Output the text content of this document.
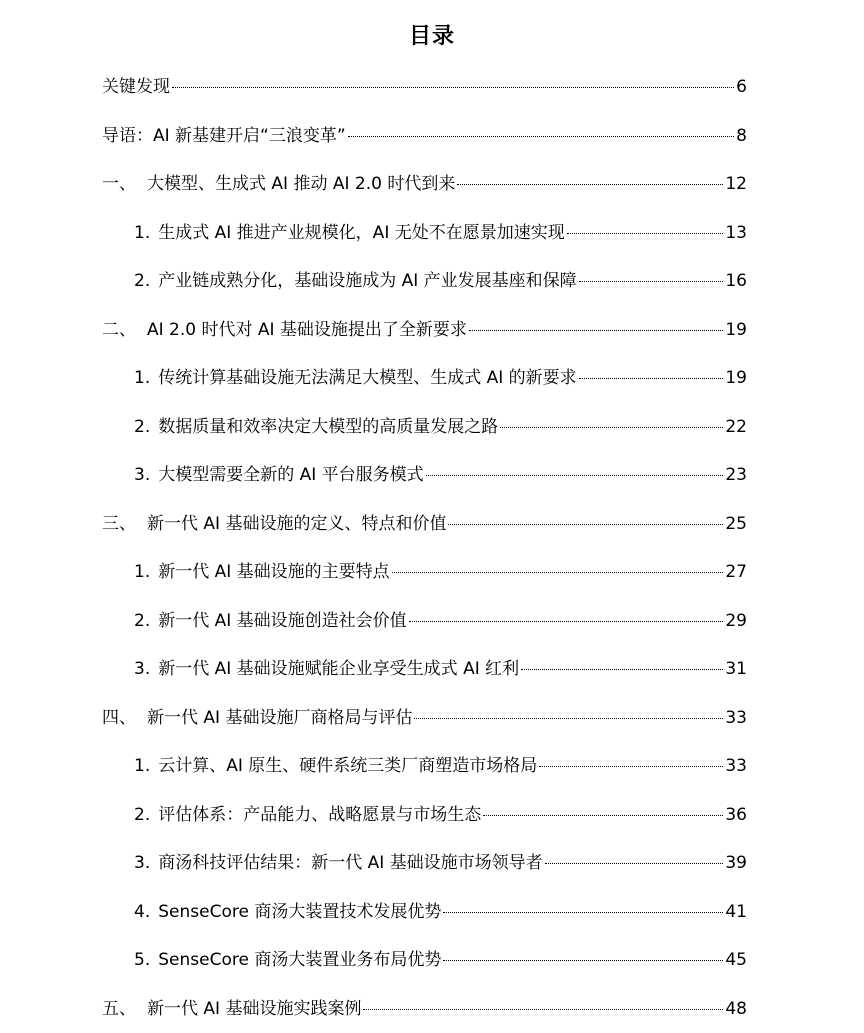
目录
关键发现	6
导语：AI 新基建开启“三浪变革”	8
一、 大模型、生成式 AI 推动 AI 2.0 时代到来	12
1. 生成式 AI 推进产业规模化，AI 无处不在愿景加速实现	13
2. 产业链成熟分化，基础设施成为 AI 产业发展基座和保障	16
二、 AI 2.0 时代对 AI 基础设施提出了全新要求	19
1. 传统计算基础设施无法满足大模型、生成式 AI 的新要求	19
2. 数据质量和效率决定大模型的高质量发展之路	22
3. 大模型需要全新的 AI 平台服务模式	23
三、 新一代 AI 基础设施的定义、特点和价值	25
1. 新一代 AI 基础设施的主要特点	27
2. 新一代 AI 基础设施创造社会价值	29
3. 新一代 AI 基础设施赋能企业享受生成式 AI 红利	31
四、 新一代 AI 基础设施厂商格局与评估	33
1. 云计算、AI 原生、硬件系统三类厂商塑造市场格局	33
2. 评估体系：产品能力、战略愿景与市场生态	36
3. 商汤科技评估结果：新一代 AI 基础设施市场领导者	39
4. SenseCore 商汤大装置技术发展优势	41
5. SenseCore 商汤大装置业务布局优势	45
五、 新一代 AI 基础设施实践案例	48
